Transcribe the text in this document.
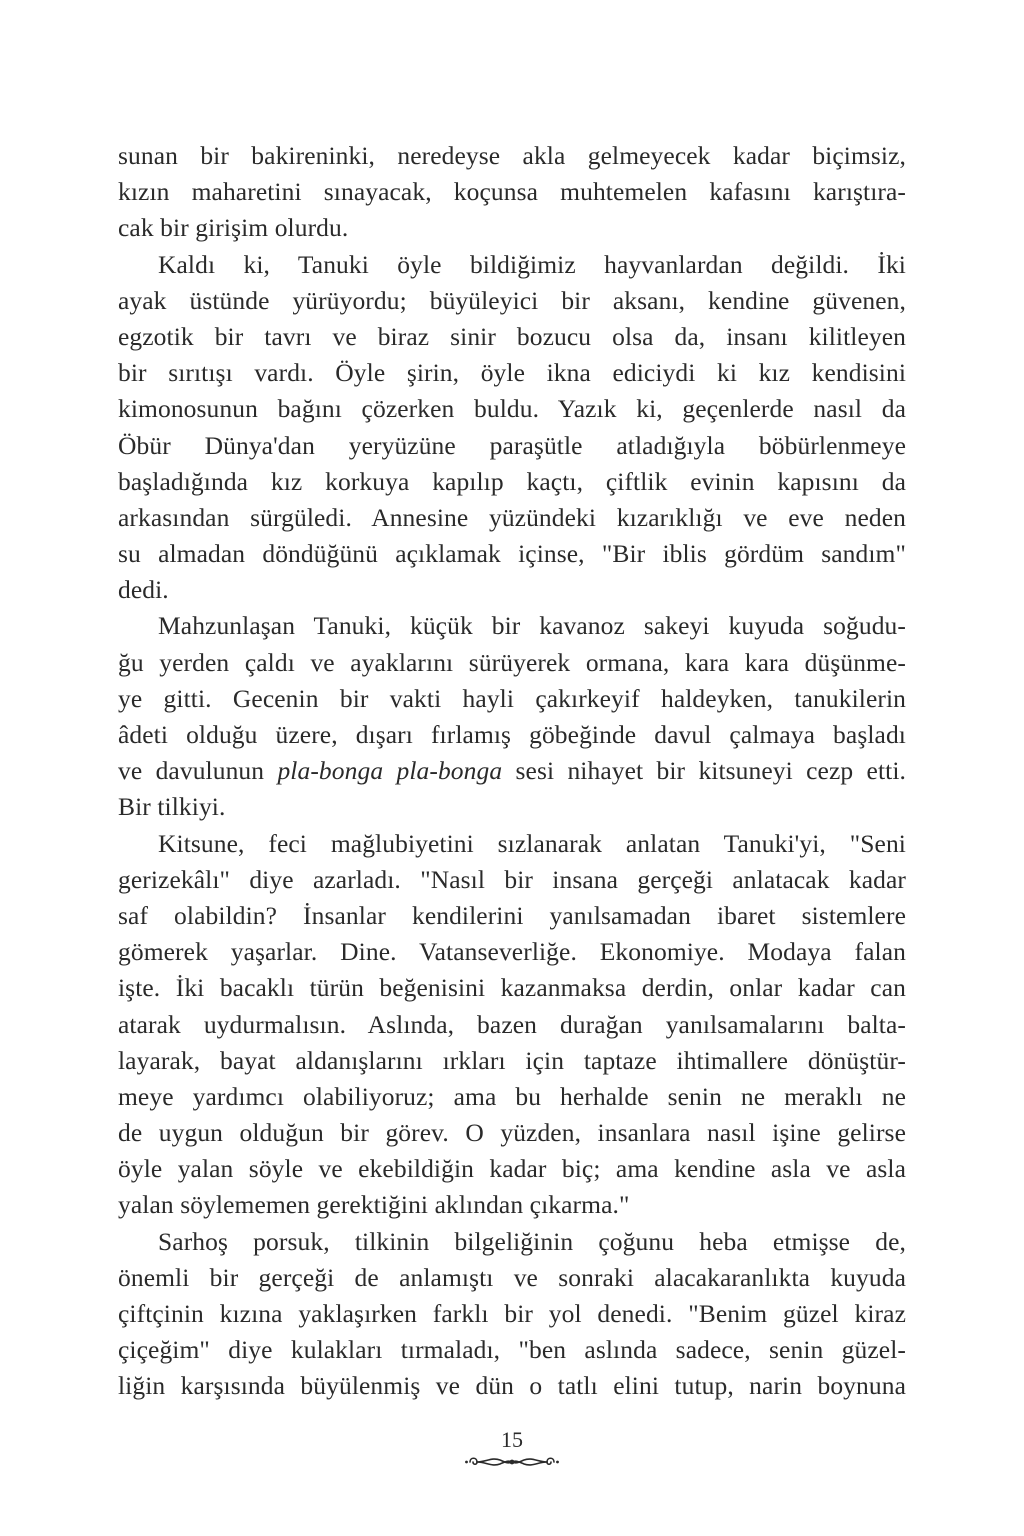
sunan bir bakireninki, neredeyse akla gelmeyecek kadar biçimsiz,
kızın maharetini sınayacak, koçunsa muhtemelen kafasını karıştıra-
cak bir girişim olurdu.
Kaldı ki, Tanuki öyle bildiğimiz hayvanlardan değildi. İki
ayak üstünde yürüyordu; büyüleyici bir aksanı, kendine güvenen,
egzotik bir tavrı ve biraz sinir bozucu olsa da, insanı kilitleyen
bir sırıtışı vardı. Öyle şirin, öyle ikna ediciydi ki kız kendisini
kimonosunun bağını çözerken buldu. Yazık ki, geçenlerde nasıl da
Öbür Dünya'dan yeryüzüne paraşütle atladığıyla böbürlenmeye
başladığında kız korkuya kapılıp kaçtı, çiftlik evinin kapısını da
arkasından sürgüledi. Annesine yüzündeki kızarıklığı ve eve neden
su almadan döndüğünü açıklamak içinse, "Bir iblis gördüm sandım"
dedi.
Mahzunlaşan Tanuki, küçük bir kavanoz sakeyi kuyuda soğudu-
ğu yerden çaldı ve ayaklarını sürüyerek ormana, kara kara düşünme-
ye gitti. Gecenin bir vakti hayli çakırkeyif haldeyken, tanukilerin
âdeti olduğu üzere, dışarı fırlamış göbeğinde davul çalmaya başladı
ve davulunun pla-bonga pla-bonga sesi nihayet bir kitsuneyi cezp etti.
Bir tilkiyi.
Kitsune, feci mağlubiyetini sızlanarak anlatan Tanuki'yi, "Seni
gerizekâlı" diye azarladı. "Nasıl bir insana gerçeği anlatacak kadar
saf olabildin? İnsanlar kendilerini yanılsamadan ibaret sistemlere
gömerek yaşarlar. Dine. Vatanseverliğe. Ekonomiye. Modaya falan
işte. İki bacaklı türün beğenisini kazanmaksa derdin, onlar kadar can
atarak uydurmalısın. Aslında, bazen durağan yanılsamalarını balta-
layarak, bayat aldanışlarını ırkları için taptaze ihtimallere dönüştür-
meye yardımcı olabiliyoruz; ama bu herhalde senin ne meraklı ne
de uygun olduğun bir görev. O yüzden, insanlara nasıl işine gelirse
öyle yalan söyle ve ekebildiğin kadar biç; ama kendine asla ve asla
yalan söylememen gerektiğini aklından çıkarma."
Sarhoş porsuk, tilkinin bilgeliğinin çoğunu heba etmişse de,
önemli bir gerçeği de anlamıştı ve sonraki alacakaranlıkta kuyuda
çiftçinin kızına yaklaşırken farklı bir yol denedi. "Benim güzel kiraz
çiçeğim" diye kulakları tırmaladı, "ben aslında sadece, senin güzel-
liğin karşısında büyülenmiş ve dün o tatlı elini tutup, narin boynuna
15
